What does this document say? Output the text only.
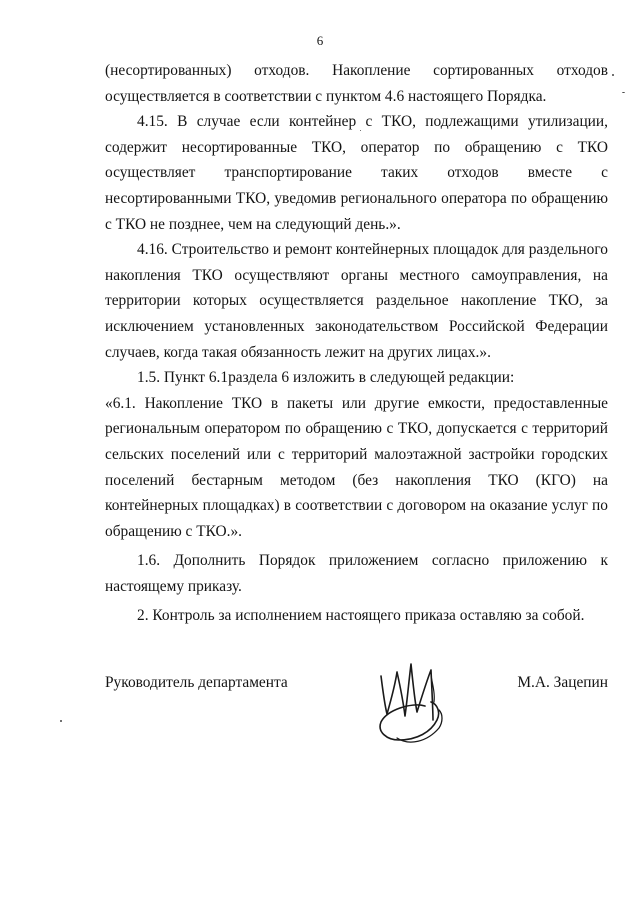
6

(несортированных) отходов. Накопление сортированных отходов осуществляется в соответствии с пунктом 4.6 настоящего Порядка.

4.15. В случае если контейнер с ТКО, подлежащими утилизации, содержит несортированные ТКО, оператор по обращению с ТКО осуществляет транспортирование таких отходов вместе с несортированными ТКО, уведомив регионального оператора по обращению с ТКО не позднее, чем на следующий день.».

4.16. Строительство и ремонт контейнерных площадок для раздельного накопления ТКО осуществляют органы местного самоуправления, на территории которых осуществляется раздельное накопление ТКО, за исключением установленных законодательством Российской Федерации случаев, когда такая обязанность лежит на других лицах.».

1.5. Пункт 6.1раздела 6 изложить в следующей редакции:

«6.1. Накопление ТКО в пакеты или другие емкости, предоставленные региональным оператором по обращению с ТКО, допускается с территорий сельских поселений или с территорий малоэтажной застройки городских поселений бестарным методом (без накопления ТКО (КГО) на контейнерных площадках) в соответствии с договором на оказание услуг по обращению с ТКО.».

1.6. Дополнить Порядок приложением согласно приложению к настоящему приказу.

2. Контроль за исполнением настоящего приказа оставляю за собой.

Руководитель департамента	М.А. Зацепин
